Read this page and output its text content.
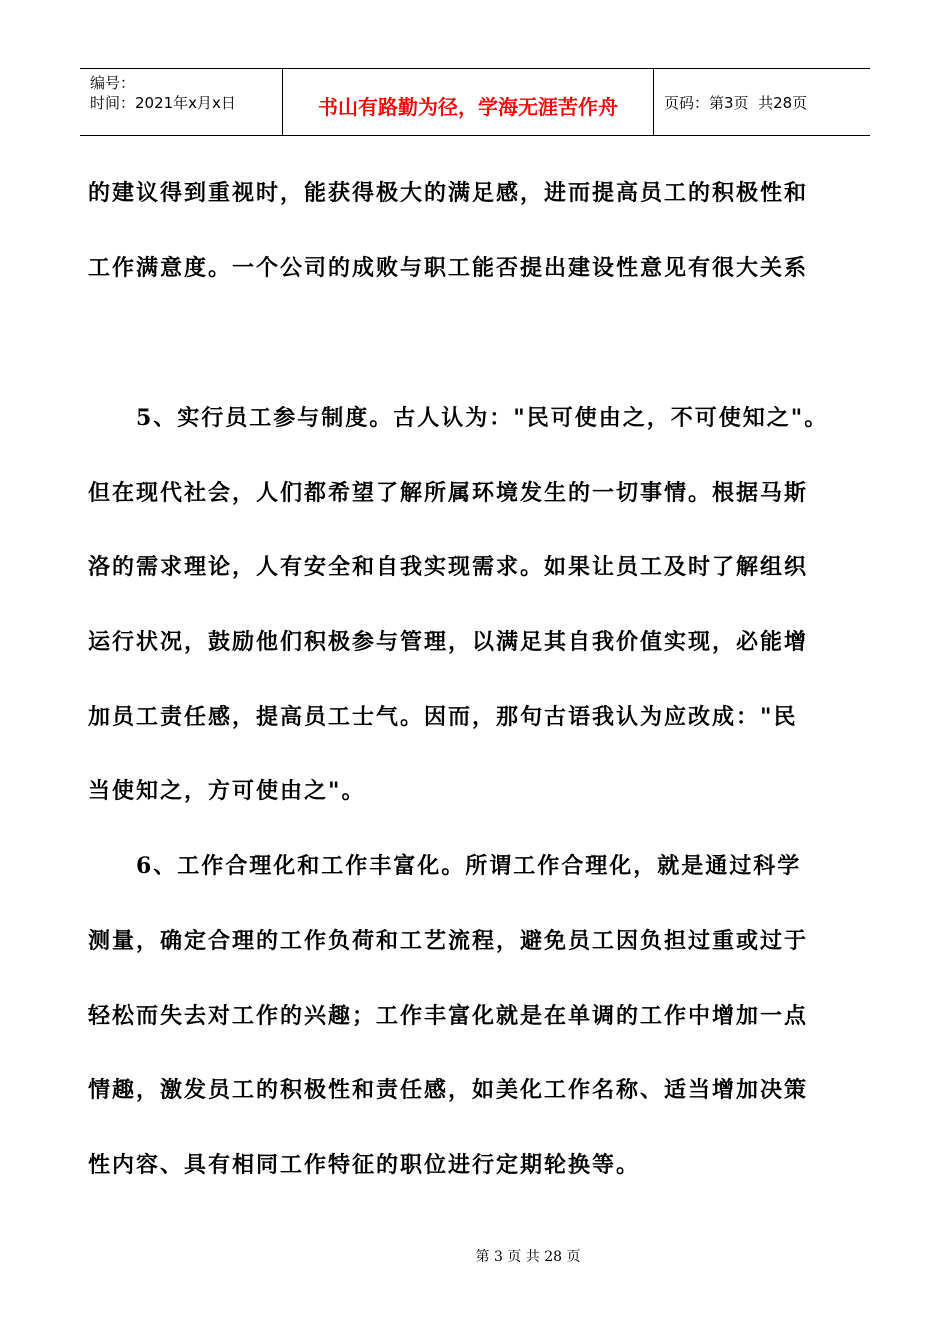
编号：
时间：2021年x月x日	书山有路勤为径，学海无涯苦作舟	页码：第3页  共28页
的建议得到重视时，能获得极大的满足感，进而提高员工的积极性和
工作满意度。一个公司的成败与职工能否提出建设性意见有很大关系
　　5、实行员工参与制度。古人认为："民可使由之，不可使知之"。
但在现代社会，人们都希望了解所属环境发生的一切事情。根据马斯
洛的需求理论，人有安全和自我实现需求。如果让员工及时了解组织
运行状况，鼓励他们积极参与管理，以满足其自我价值实现，必能增
加员工责任感，提高员工士气。因而，那句古语我认为应改成："民
当使知之，方可使由之"。
　　6、工作合理化和工作丰富化。所谓工作合理化，就是通过科学
测量，确定合理的工作负荷和工艺流程，避免员工因负担过重或过于
轻松而失去对工作的兴趣；工作丰富化就是在单调的工作中增加一点
情趣，激发员工的积极性和责任感，如美化工作名称、适当增加决策
性内容、具有相同工作特征的职位进行定期轮换等。
第 3 页 共 28 页
